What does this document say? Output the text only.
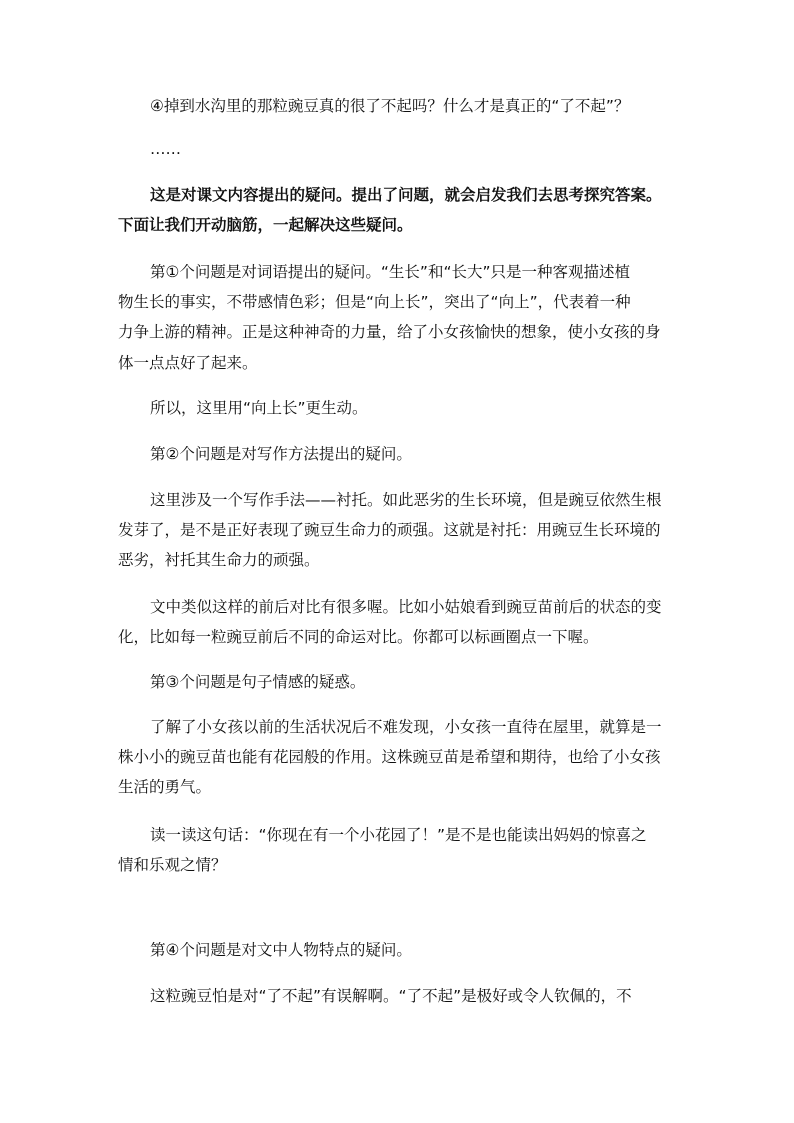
④掉到水沟里的那粒豌豆真的很了不起吗？什么才是真正的“了不起”？

……

这是对课文内容提出的疑问。提出了问题，就会启发我们去思考探究答案。

下面让我们开动脑筋，一起解决这些疑问。

第①个问题是对词语提出的疑问。“生长”和“长大”只是一种客观描述植

物生长的事实，不带感情色彩；但是“向上长”，突出了“向上”，代表着一种

力争上游的精神。正是这种神奇的力量，给了小女孩愉快的想象，使小女孩的身

体一点点好了起来。

所以，这里用“向上长”更生动。

第②个问题是对写作方法提出的疑问。

这里涉及一个写作手法——衬托。如此恶劣的生长环境，但是豌豆依然生根

发芽了，是不是正好表现了豌豆生命力的顽强。这就是衬托：用豌豆生长环境的

恶劣，衬托其生命力的顽强。

文中类似这样的前后对比有很多喔。比如小姑娘看到豌豆苗前后的状态的变

化，比如每一粒豌豆前后不同的命运对比。你都可以标画圈点一下喔。

第③个问题是句子情感的疑惑。

了解了小女孩以前的生活状况后不难发现，小女孩一直待在屋里，就算是一

株小小的豌豆苗也能有花园般的作用。这株豌豆苗是希望和期待，也给了小女孩

生活的勇气。

读一读这句话：“你现在有一个小花园了！”是不是也能读出妈妈的惊喜之

情和乐观之情？

第④个问题是对文中人物特点的疑问。

这粒豌豆怕是对“了不起”有误解啊。“了不起”是极好或令人钦佩的，不
